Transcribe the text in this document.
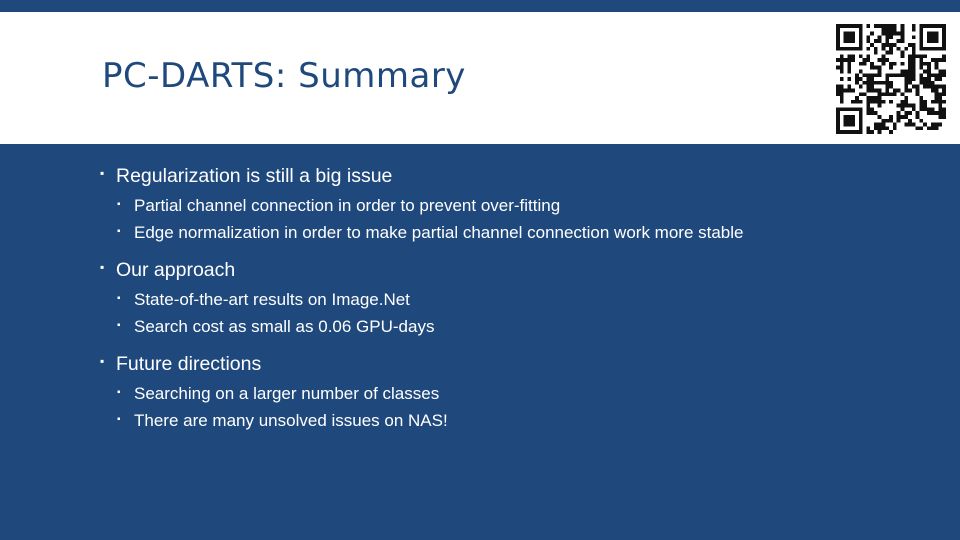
PC-DARTS: Summary
▪ Regularization is still a big issue
▪ Partial channel connection in order to prevent over-fitting
▪ Edge normalization in order to make partial channel connection work more stable
▪ Our approach
▪ State-of-the-art results on Image.Net
▪ Search cost as small as 0.06 GPU-days
▪ Future directions
▪ Searching on a larger number of classes
▪ There are many unsolved issues on NAS!
